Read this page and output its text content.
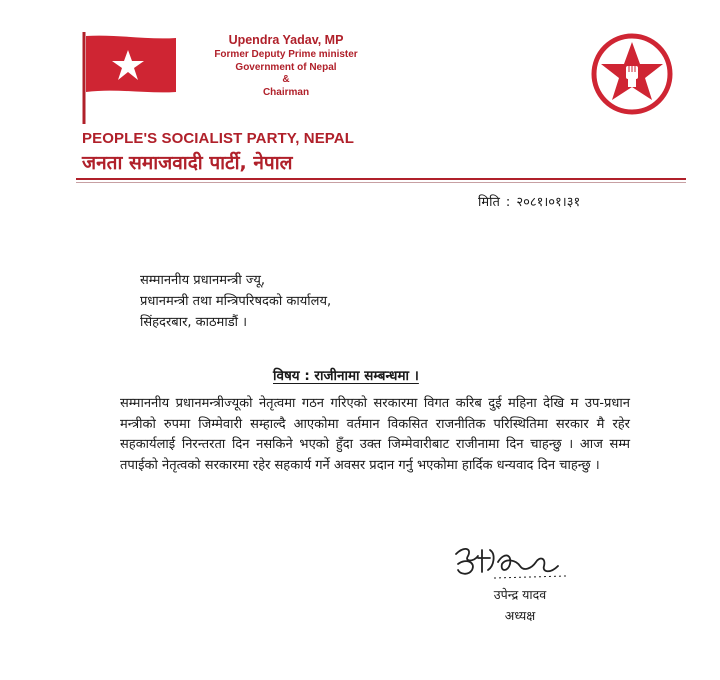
Upendra Yadav, MP
Former Deputy Prime minister
Government of Nepal
&
Chairman
PEOPLE'S SOCIALIST PARTY, NEPAL
जनता समाजवादी पार्टी, नेपाल
मिति : २०८१।०१।३१
सम्माननीय प्रधानमन्त्री ज्यू,
प्रधानमन्त्री तथा मन्त्रिपरिषदको कार्यालय,
सिंहदरबार, काठमाडौं ।
विषय : राजीनामा सम्बन्धमा ।
सम्माननीय प्रधानमन्त्रीज्यूको नेतृत्वमा गठन गरिएको सरकारमा विगत करिब दुई महिना देखि म उप-प्रधान मन्त्रीको रुपमा जिम्मेवारी सम्हाल्दै आएकोमा वर्तमान विकसित राजनीतिक परिस्थितिमा सरकार मै रहेर सहकार्यलाई निरन्तरता दिन नसकिने भएको हुँदा उक्त जिम्मेवारीबाट राजीनामा दिन चाहन्छु । आज सम्म तपाईको नेतृत्वको सरकारमा रहेर सहकार्य गर्ने अवसर प्रदान गर्नु भएकोमा हार्दिक धन्यवाद दिन चाहन्छु ।
उपेन्द्र यादव
अध्यक्ष
